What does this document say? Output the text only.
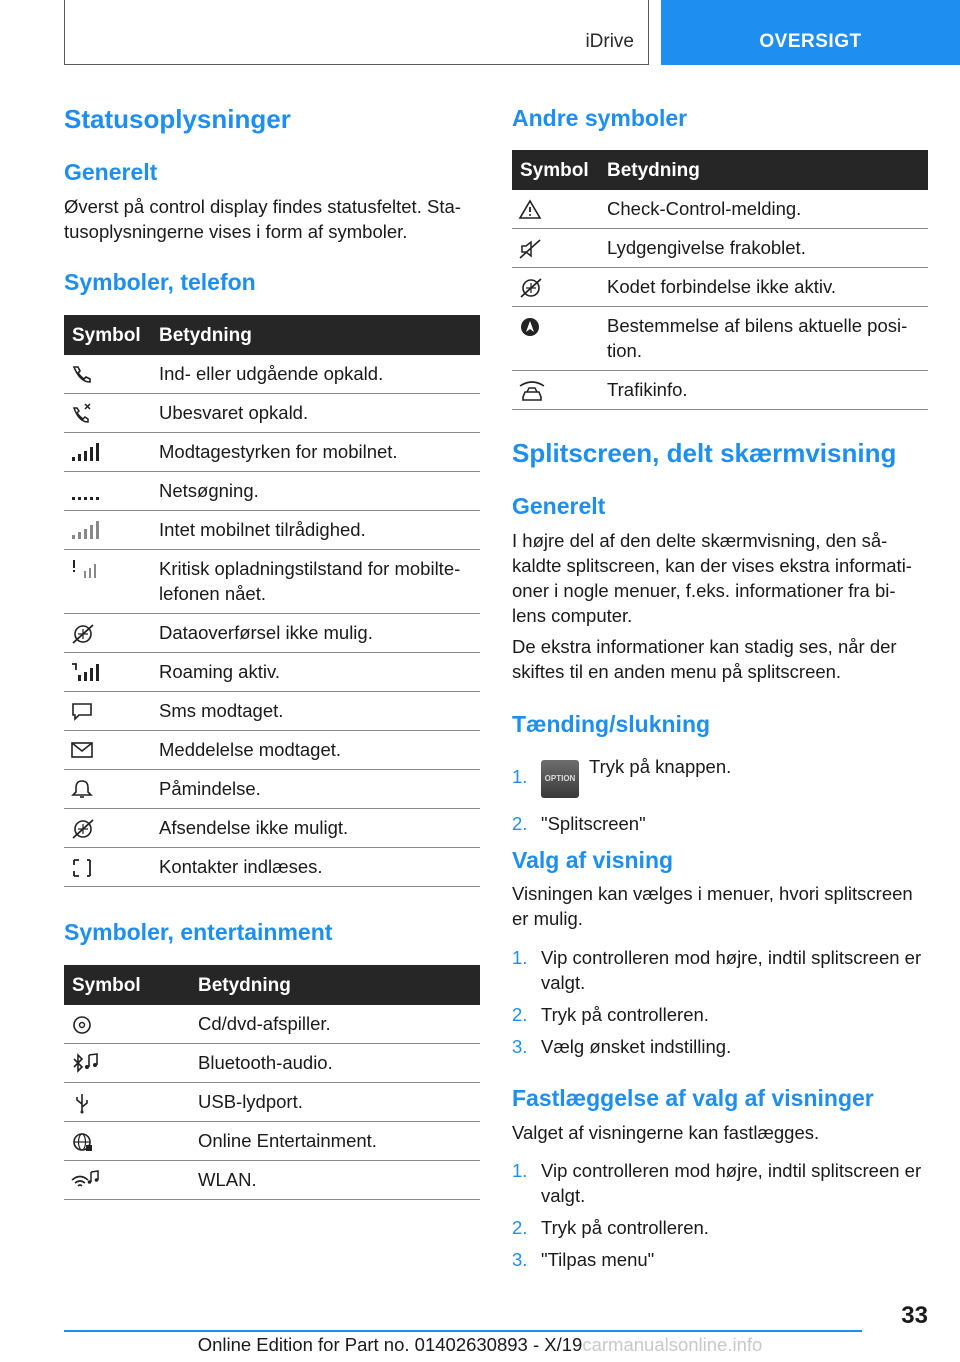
iDrive	OVERSIGT
Statusoplysninger
Generelt

Øverst på control display findes statusfeltet. Sta-tusoplysningerne vises i form af symboler.

Symboler, telefon
Symbol	Betydning

	Ind- eller udgående opkald.

	Ubesvaret opkald.

	Modtagestyrken for mobilnet.

	Netsøgning.

	Intet mobilnet tilrådighed.

	Kritisk opladningstilstand for mobilte-lefonen nået.

	Dataoverførsel ikke mulig.

	Roaming aktiv.

	Sms modtaget.

	Meddelelse modtaget.

	Påmindelse.

	Afsendelse ikke muligt.

	Kontakter indlæses.
Symboler, entertainment
Symbol	Betydning

	Cd/dvd-afspiller.

	Bluetooth-audio.

	USB-lydport.

	Online Entertainment.

	WLAN.
Andre symboler
Symbol	Betydning

	Check-Control-melding.

	Lydgengivelse frakoblet.

	Kodet forbindelse ikke aktiv.

	Bestemmelse af bilens aktuelle posi-tion.

	Trafikinfo.
Splitscreen, delt skærmvisning
Generelt

I højre del af den delte skærmvisning, den så-kaldte splitscreen, kan der vises ekstra informati-oner i nogle menuer, f.eks. informationer fra bi-lens computer.

De ekstra informationer kan stadig ses, når der skiftes til en anden menu på splitscreen.

Tænding/slukning
1. OPTIONTryk på knappen.
2. "Splitscreen"
Valg af visning

Visningen kan vælges i menuer, hvori splitscreen er mulig.

1. Vip controlleren mod højre, indtil splitscreen er valgt.
2. Tryk på controlleren.
3. Vælg ønsket indstilling.
Fastlæggelse af valg af visninger

Valget af visningerne kan fastlægges.

1. Vip controlleren mod højre, indtil splitscreen er valgt.
2. Tryk på controlleren.
3. "Tilpas menu"
33
Online Edition for Part no. 01402630893 - X/19carmanualsonline.info
